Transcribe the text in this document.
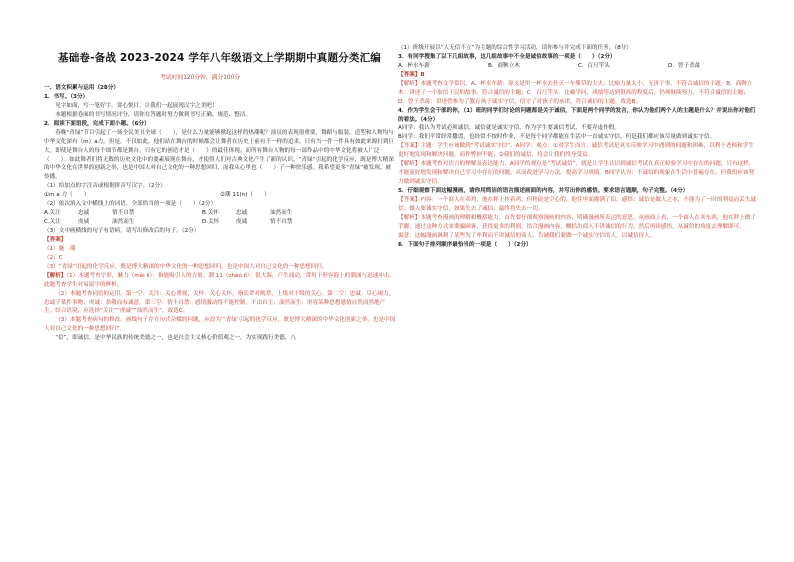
基础卷-备战 2023-2024 学年八年级语文上学期期中真题分类汇编
考试时间120分钟，满分100分

一、语文积累与运用（28分）

1．书写。（3分）

见字如面，写一笔好字，赏心悦目，让我们一起展现汉字之美吧！

本题根据卷面的书写情况评分，请你在答题时努力做到书写正确、规范、整洁。

2．阅读下面语段，完成下面小题。（6分）

春晚“青绿”节目引起了一场全民美丑全球（　　），是什么力量能够掀起这样的热潮呢？演员的表现很重要，舞蹈与服装、造型和人物均与中华文化深有（m）a力。但是，不仅如此，他们站在舞台的时候都会让舞者在历史上前有不一样的追求，只有当一件一件具有如此来源打到巨大。即使是舞台人的每个细节都是舞台，只有它的创造才是（　　）的最佳体现。而所有舞台人物的每一部作品中的中华文化将被人广泛（　　）。如此舞者们将无数的历史文化中的要素展现在舞台，才使得人们对古典文化产生了新的认识。“青绿”引起的化学反应，既是博大精深的中华文化在世界的创新之举，也是中国人对自己文化的一种思想回归，而我从心里也（　　）了一种快乐感。我希望更多“青绿”被发现、被传播。

（1）给加点的字注音或根据拼音写汉字。（2分）

①m a 力（　　）	②潮 11(n)（　　）

（2）依次填入文中横线上的词语，全部恰当的一项是（　　）（2分）

A.关注	忠诚	情不自禁	B.关怀	忠诚	油然而生
C.关注	虔诚	油然而生	D.关怀	虔诚	情不自禁

（3）文中画横线的句子有语病，请写出修改后的句子。（2分）

【答案】

（1）魅　潮

（2）C

（3）“青绿”引起的化学反应，既是博大精深的中华文化的一种思想回归，也是中国人对自己文化的一种思想回归。

【解析】（1）本题考查字形，魅力（mèi lì）：指能吸引人的力量。潮 11（cháo lì）：很大海，产生涌动，常用于形容海上的潮涌与迅速冲击。此题考查学生对易混字的辨析。

（2）本题考查词语的运用。第一空：关注：关心重视，关怀：关心关怀，指长辈对晚辈、上级对下级的关心。第二空：忠诚：尽心竭力，忠诚于某件事物；虔诚：恭敬而有诚意。第三空：情不自禁：感情激动得不能控制，不由自主；油然而生：形容某种思想感情自然而然地产生。结合语境，应选择“关注”“虔诚”“油然而生”，故选C。

（3）本题考查病句的修改。画线句子存在句式杂糅的问题，应改为“‘青绿’引起的化学反应，既是博大精深的中华文化创新之举，也是中国人对自己文化的一种思想回归”。

“信”，即诚信，是中华民族的传统美德之一，也是社会主义核心价值观之一。为实现践行美德，八

（1）班级开展以“人无信不立”为主题的综合性学习活动，请你参与并完成下面的任务。（8分）

3．有同学搜集了以下几组故事，这几组故事中不全是诚信故事的一项是（　　）（2分）

A．杯水车薪	B．商鞅立木	C．百尺竿头	D．曾子杀彘

【答案】B

【解析】本题考查文学常识。A．杯水车薪：原义是用一杯水去扑灭一车柴草的大火，比喻力量太小，无济于事，不符合诚信的主题；B．商鞅立木：讲述了一个取信于民的故事，符合诚信的主题；C．百尺竿头：比喻学问、成绩等达到很高的程度后，仍须继续努力，不符合诚信的主题；D．曾子杀彘：讲述曾参为了教育孩子诚实守信，信守了对孩子的承诺，符合诚信的主题。故选B。

4．作为学生会干部的你，（1）班的同学们讨论的问题都是关于诚信，下面是两个同学的发言，你认为他们两个人的主题是什么？并说出你对他们的看法。（4分）

A同学：我认为考试必须诚信，诚信就是诚实守信，作为学生要诚信考试，不要弄虚作假。

B同学：我们平常经常撒谎，也经常不按时作业，不是每个同学都能在生活中一直诚实守信，但是我们都应该尽量做到诚实守信。

【答案】主题：学生应该做到“考试诚实守信”，A同学：观点：①对学生而言，诚信考试是真实反映学习中遇到的问题和困难，以利于老师和学生更好地发现和解决问题，而作弊则不能；②我们的诚信，将会让我们终身受益。

【解析】本题考查对语言的理解及表达能力。A同学的观点是“考试诚信”，就是让学生认识到诚信考试在真正检验学习中存在的问题，只有这样，才能更好地发现和解决自己学习中存在的问题，从而改进学习方法，提高学习成绩。B同学认为：不诚信的现象在生活中普遍存在，但我们应该努力做到诚实守信。

5．仔细观察下面这幅漫画，请你用简洁的语言描述画面的内容，并写出你的感悟。要求语言通顺，句子完整。（4分）

【答案】内容：一个商人在卖鸡，他在秤上挂着鸡，但秤砣是空心的，他往里面灌满了铅。感悟：诚信是做人之本，不能为了一时的利益而丢失诚信。做人要诚实守信，如果失去了诚信，最终将失去一切。

【解析】本题考查漫画的理解和概括能力。首先要仔细观察漫画的内容，明确漫画所表达的意思。从画面上看，一个商人在卖东西，他在秤上做了手脚，通过这种方式来欺骗顾客，获得更多的利润。结合漫画内容，概括出商人不讲诚信的行为，然后再谈感悟，从诚信的角度去理解即可。

寓意：这幅漫画讽刺了某些为了牟利而不讲诚信的商人。告诫我们要做一个诚实守信的人，以诚信待人。

6．下面句子排列顺序最恰当的一项是（　　）（2分）
